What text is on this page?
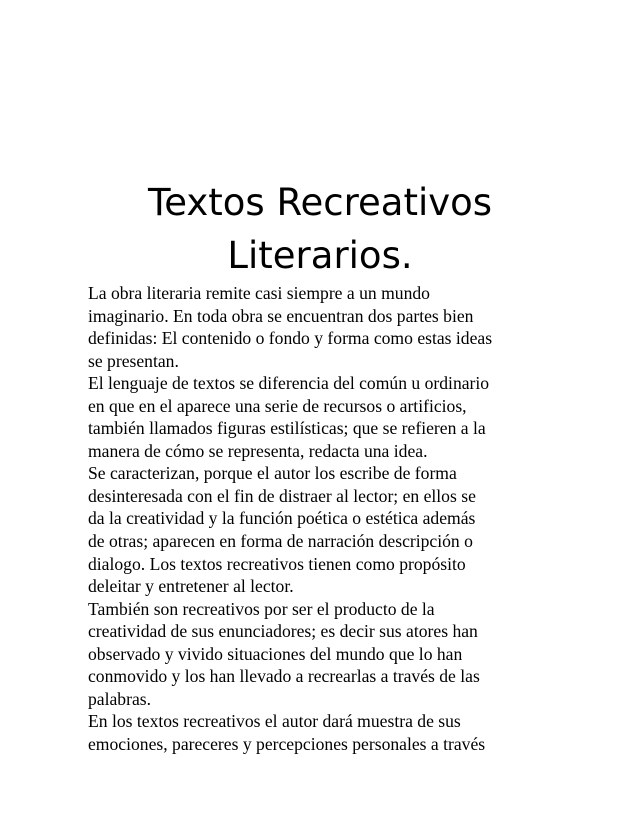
Textos Recreativos
Literarios.
La obra literaria remite casi siempre a un mundo
imaginario. En toda obra se encuentran dos partes bien
definidas: El contenido o fondo y forma como estas ideas
se presentan.
El lenguaje de textos se diferencia del común u ordinario
en que en el aparece una serie de recursos o artificios,
también llamados figuras estilísticas; que se refieren a la
manera de cómo se representa, redacta una idea.
Se caracterizan, porque el autor los escribe de forma
desinteresada con el fin de distraer al lector; en ellos se
da la creatividad y la función poética o estética además
de otras; aparecen en forma de narración descripción o
dialogo. Los textos recreativos tienen como propósito
deleitar y entretener al lector.
También son recreativos por ser el producto de la
creatividad de sus enunciadores; es decir sus atores han
observado y vivido situaciones del mundo que lo han
conmovido y los han llevado a recrearlas a través de las
palabras.
En los textos recreativos el autor dará muestra de sus
emociones, pareceres y percepciones personales a través
